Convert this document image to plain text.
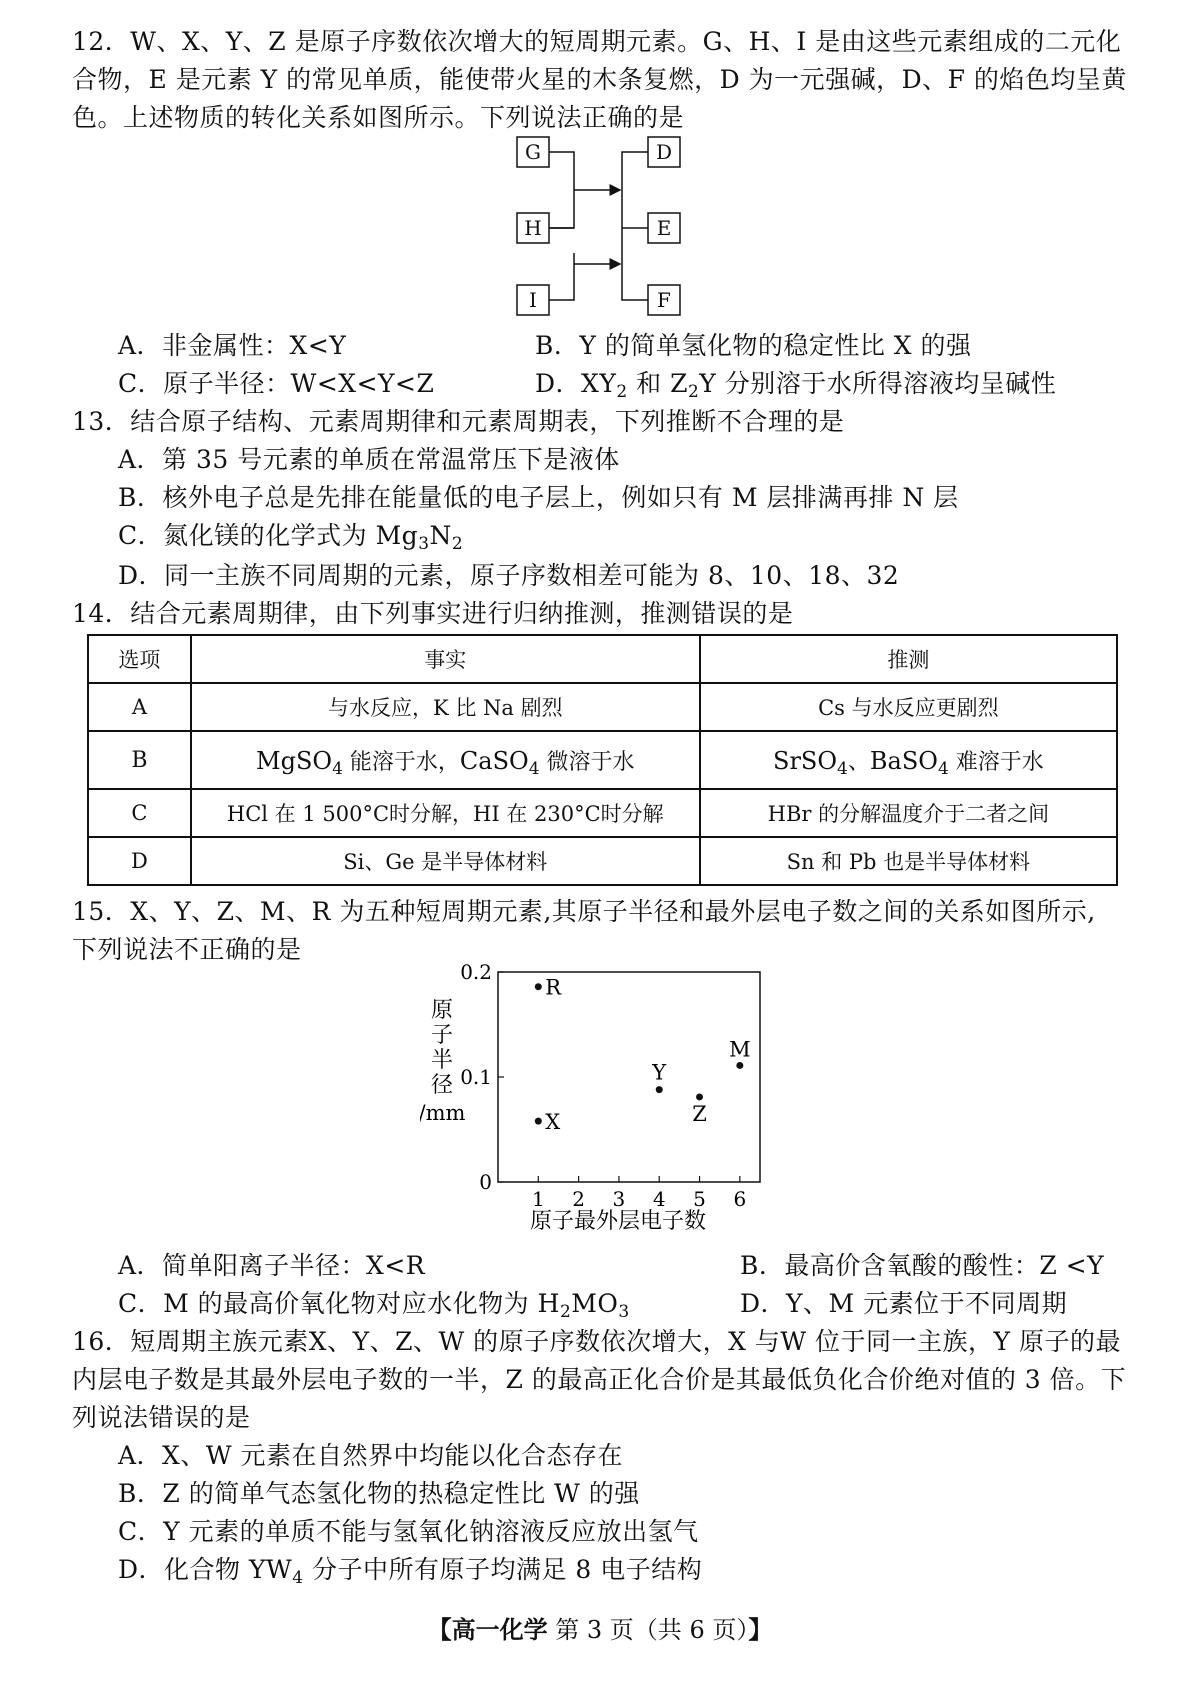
12．W、X、Y、Z 是原子序数依次增大的短周期元素。G、H、I 是由这些元素组成的二元化
合物，E 是元素 Y 的常见单质，能使带火星的木条复燃，D 为一元强碱，D、F 的焰色均呈黄
色。上述物质的转化关系如图所示。下列说法正确的是
G
H
I
D
E
F
A．非金属性：X<Y	B．Y 的简单氢化物的稳定性比 X 的强
C．原子半径：W<X<Y<Z	D．$XY_2$ 和 $Z_2Y$ 分别溶于水所得溶液均呈碱性
13．结合原子结构、元素周期律和元素周期表，下列推断不合理的是
A．第 35 号元素的单质在常温常压下是液体
B．核外电子总是先排在能量低的电子层上，例如只有 M 层排满再排 N 层
C．氮化镁的化学式为 $Mg_3N_2$
D．同一主族不同周期的元素，原子序数相差可能为 8、10、18、32
14．结合元素周期律，由下列事实进行归纳推测，推测错误的是
选项	事实	推测
A	与水反应，K 比 Na 剧烈	Cs 与水反应更剧烈
B	MgSO$_4$ 能溶于水，CaSO$_4$ 微溶于水	SrSO$_4$、BaSO$_4$ 难溶于水
C	HCl 在 1 500°C时分解，HI 在 230°C时分解	HBr 的分解温度介于二者之间
D	Si、Ge 是半导体材料	Sn 和 Pb 也是半导体材料
15．X、Y、Z、M、R 为五种短周期元素,其原子半径和最外层电子数之间的关系如图所示,
下列说法不正确的是
1 2 3 4 5 6
0
0.1
0.2
R
X
Y
Z
M
原
子
半
径
/mm
原子最外层电子数
A．简单阳离子半径：X<R	B．最高价含氧酸的酸性：Z <Y
C．M 的最高价氧化物对应水化物为 $H_2MO_3$	D．Y、M 元素位于不同周期
16．短周期主族元素X、Y、Z、W 的原子序数依次增大，X 与W 位于同一主族，Y 原子的最
内层电子数是其最外层电子数的一半，Z 的最高正化合价是其最低负化合价绝对值的 3 倍。下
列说法错误的是
A．X、W 元素在自然界中均能以化合态存在
B．Z 的简单气态氢化物的热稳定性比 W 的强
C．Y 元素的单质不能与氢氧化钠溶液反应放出氢气
D．化合物 $YW_4$ 分子中所有原子均满足 8 电子结构
【高一化学 第 3 页（共 6 页）】
